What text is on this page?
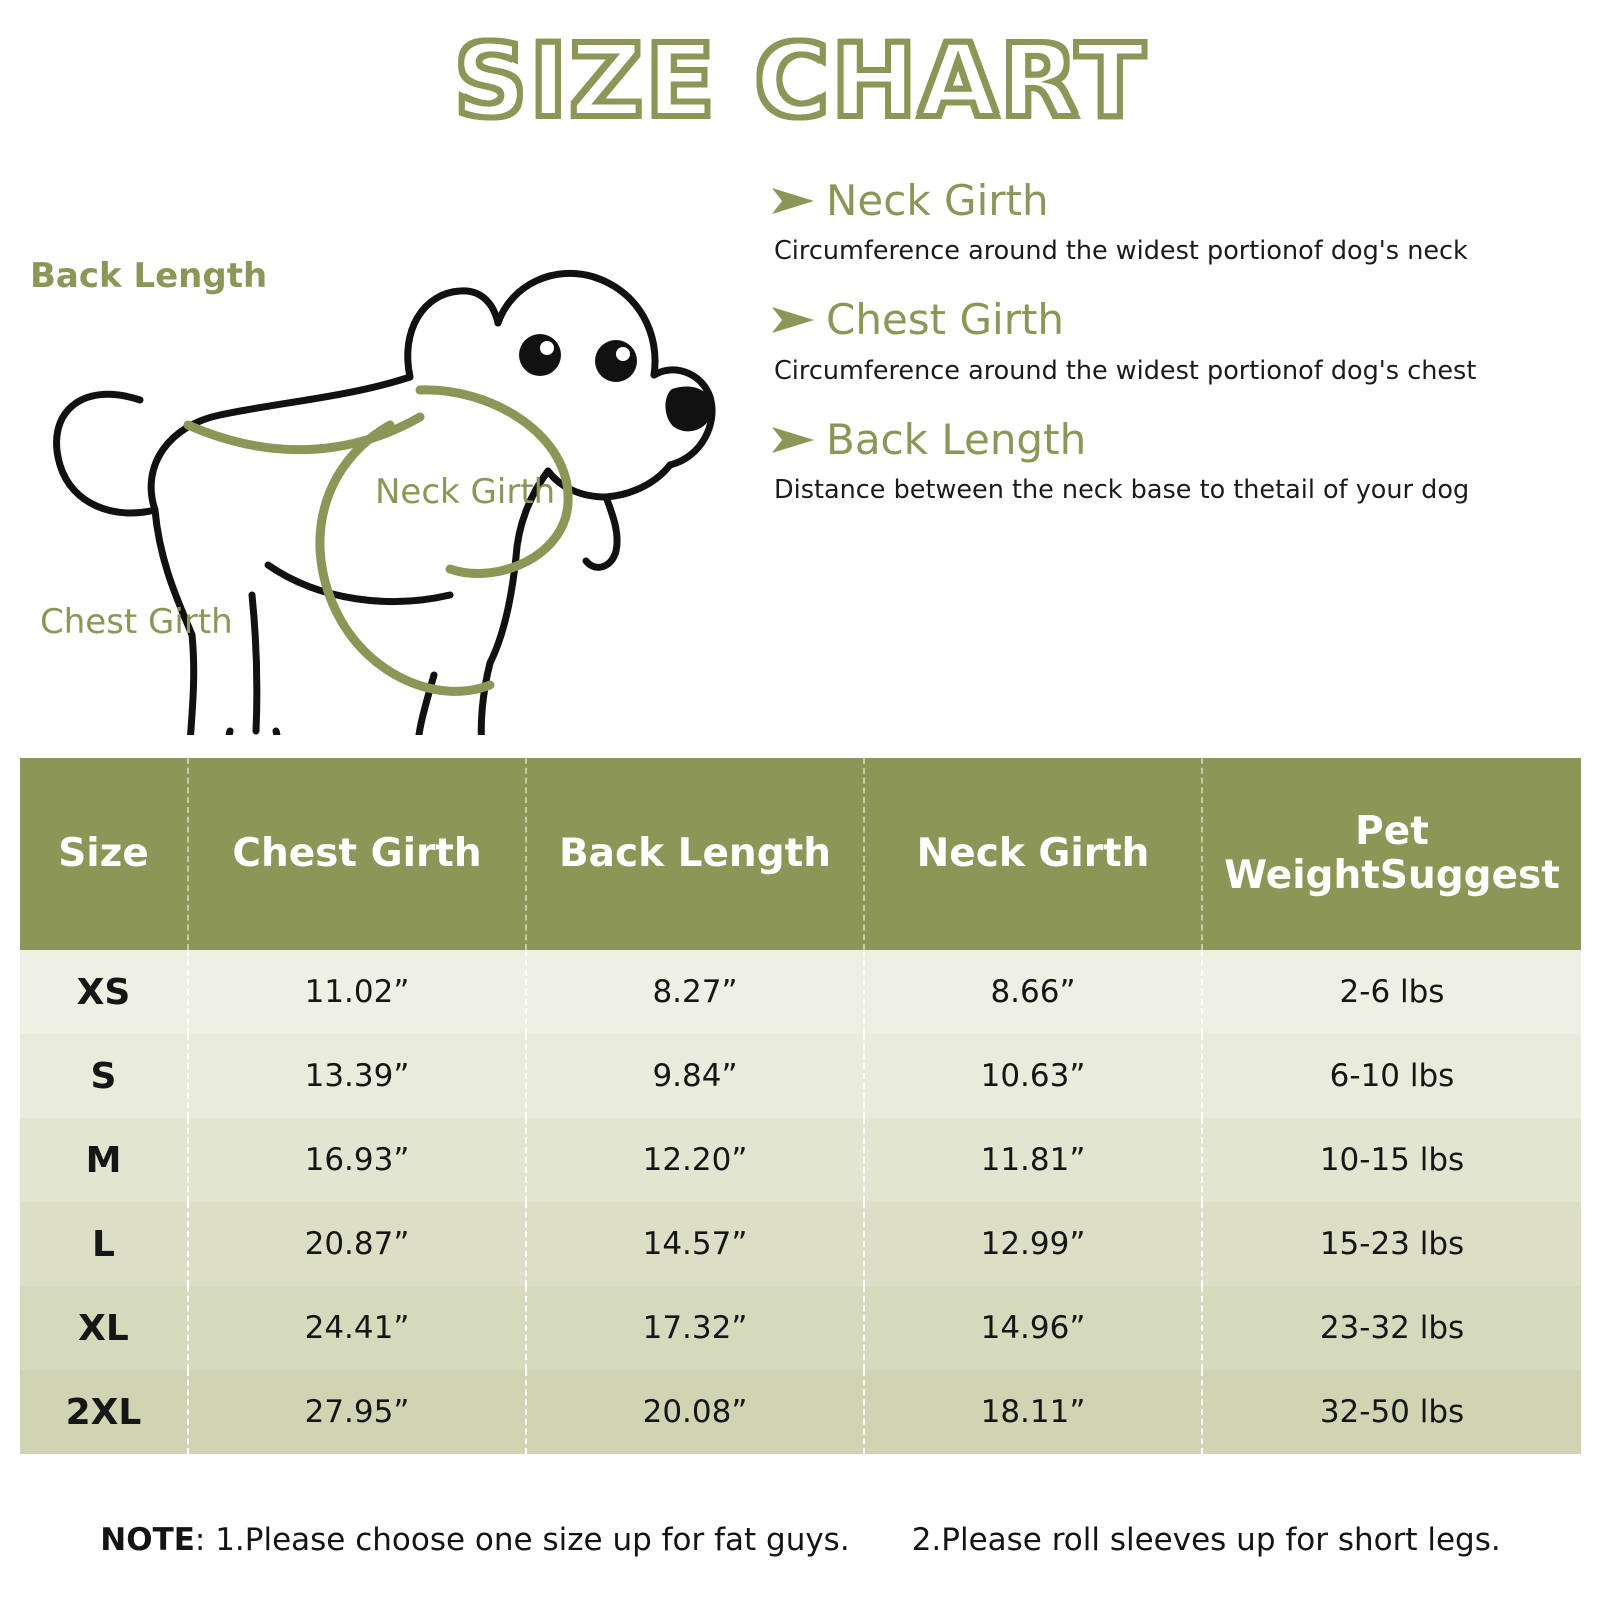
SIZE CHART
Back Length
Neck Girth
Chest Girth
Neck Girth
Circumference around the widest portionof dog's neck
Chest Girth
Circumference around the widest portionof dog's chest
Back Length
Distance between the neck base to thetail of your dog
Size	Chest Girth	Back Length	Neck Girth	Pet WeightSuggest
XS	11.02”	8.27”	8.66”	2-6 lbs
S	13.39”	9.84”	10.63”	6-10 lbs
M	16.93”	12.20”	11.81”	10-15 lbs
L	20.87”	14.57”	12.99”	15-23 lbs
XL	24.41”	17.32”	14.96”	23-32 lbs
2XL	27.95”	20.08”	18.11”	32-50 lbs
NOTE: 1.Please choose one size up for fat guys. 2.Please roll sleeves up for short legs.
